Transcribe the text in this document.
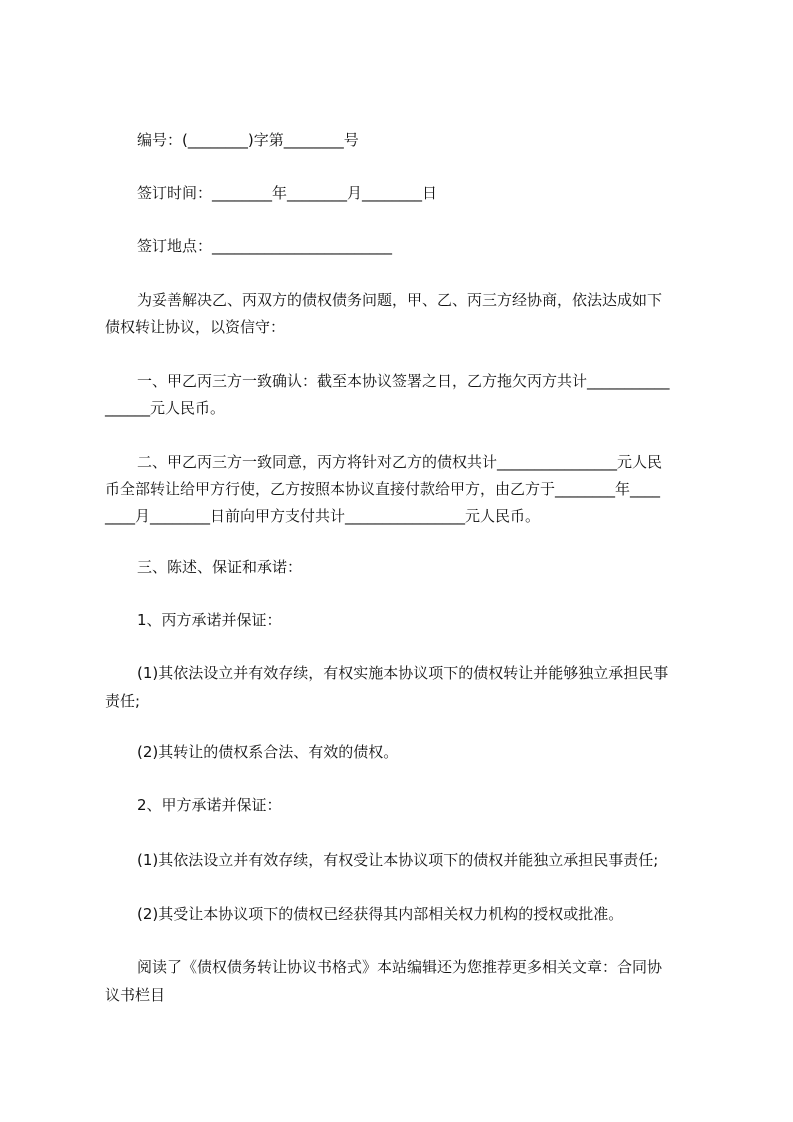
编号：(________)字第________号
签订时间：________年________月________日
签订地点：________________________
为妥善解决乙、丙双方的债权债务问题，甲、乙、丙三方经协商，依法达成如下
债权转让协议，以资信守：
一、甲乙丙三方一致确认：截至本协议签署之日，乙方拖欠丙方共计___________
______元人民币。
二、甲乙丙三方一致同意，丙方将针对乙方的债权共计________________元人民
币全部转让给甲方行使，乙方按照本协议直接付款给甲方，由乙方于________年____
____月________日前向甲方支付共计________________元人民币。
三、陈述、保证和承诺：
1、丙方承诺并保证：
(1)其依法设立并有效存续，有权实施本协议项下的债权转让并能够独立承担民事
责任;
(2)其转让的债权系合法、有效的债权。
2、甲方承诺并保证：
(1)其依法设立并有效存续，有权受让本协议项下的债权并能独立承担民事责任;
(2)其受让本协议项下的债权已经获得其内部相关权力机构的授权或批准。
阅读了《债权债务转让协议书格式》本站编辑还为您推荐更多相关文章：合同协
议书栏目
